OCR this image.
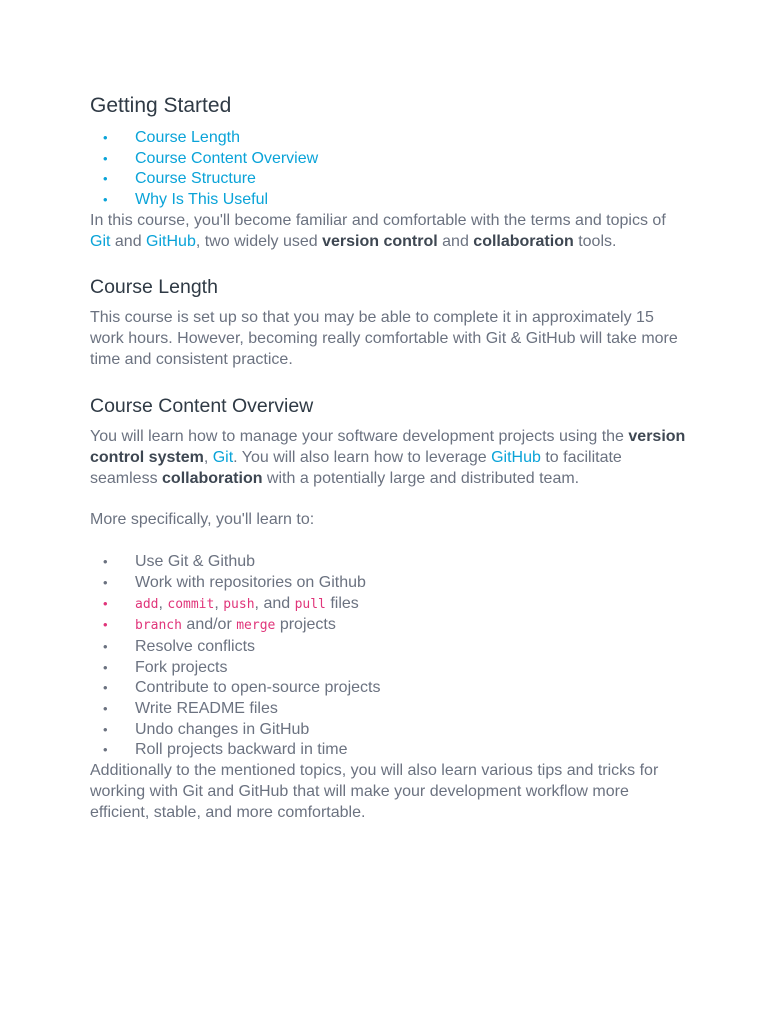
Getting Started
• Course Length
• Course Content Overview
• Course Structure
• Why Is This Useful

In this course, you'll become familiar and comfortable with the terms and topics of Git and GitHub, two widely used version control and collaboration tools.

Course Length

This course is set up so that you may be able to complete it in approximately 15 work hours. However, becoming really comfortable with Git & GitHub will take more time and consistent practice.

Course Content Overview

You will learn how to manage your software development projects using the version control system, Git. You will also learn how to leverage GitHub to facilitate seamless collaboration with a potentially large and distributed team.

More specifically, you'll learn to:

• Use Git & Github
• Work with repositories on Github
• add, commit, push, and pull files
• branch and/or merge projects
• Resolve conflicts
• Fork projects
• Contribute to open-source projects
• Write README files
• Undo changes in GitHub
• Roll projects backward in time

Additionally to the mentioned topics, you will also learn various tips and tricks for working with Git and GitHub that will make your development workflow more efficient, stable, and more comfortable.
